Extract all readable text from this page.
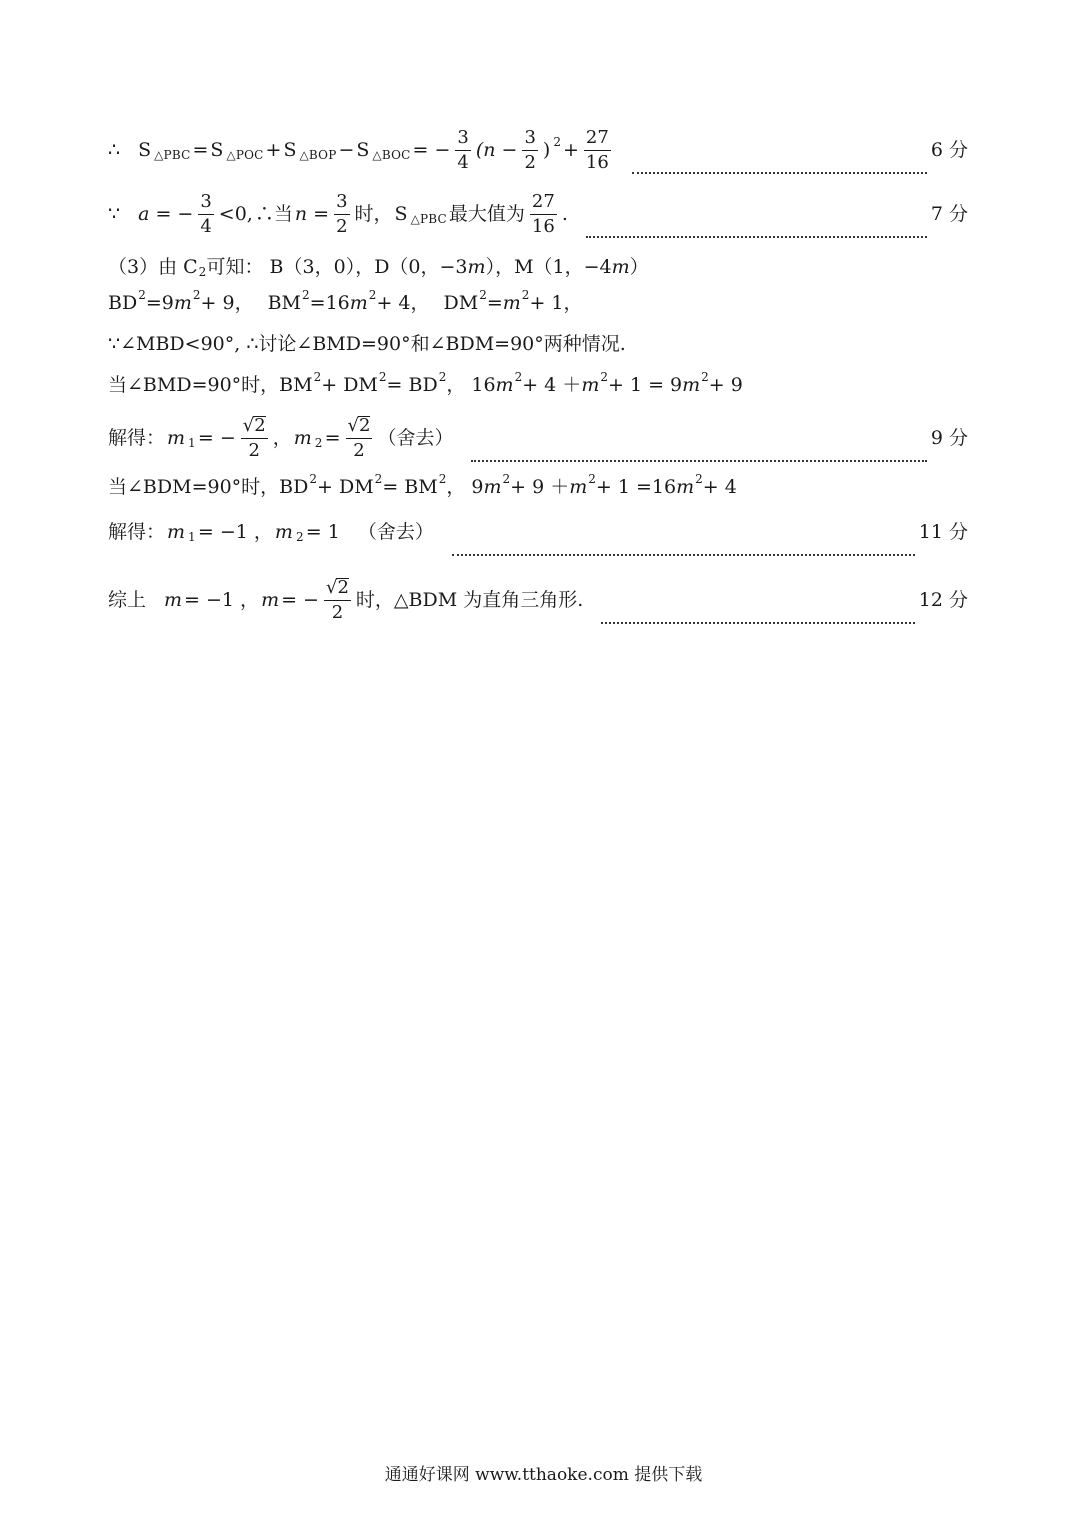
∴ S △PBC = S △POC + S △BOP − S △BOC = − $\frac{3}{4} (n - \frac{3}{2}$ ) $2 + \frac{27}{16}$	6 分
∵ a = − $\frac{3}{4} <0$, ∴当 $n = \frac{3}{2}$ 时， S △PBC 最大值为 $\frac{27}{16}$ .	7 分
（3）由 C 2 可知： B（3，0），D（0，−3 m ），M（1，−4 m ）
BD 2 =9 m 2 + 9， BM 2 =16 m 2 + 4， DM 2 = m 2 + 1，
∵∠MBD<90°, ∴讨论∠BMD=90°和∠BDM=90°两种情况.
当∠BMD=90°时，BM 2 + DM 2 = BD 2 ， 16 m 2 + 4 ＋ m 2 + 1 = 9 m 2 + 9
解得： m 1 = − $\frac{√ 2}{2}$ ， m $2 = \frac{√ 2}{2}$ （舍去）	9 分
当∠BDM=90°时，BD 2 + DM 2 = BM 2 ， 9 m 2 + 9 ＋ m 2 + 1 =16 m 2 + 4
解得： m 1 = −1 ， m 2 = 1 （舍去）	11 分
综上 m = −1 ， m = − $\frac{√ 2}{2}$ 时，△BDM 为直角三角形.	12 分
通通好课网 www.tthaoke.com 提供下载
